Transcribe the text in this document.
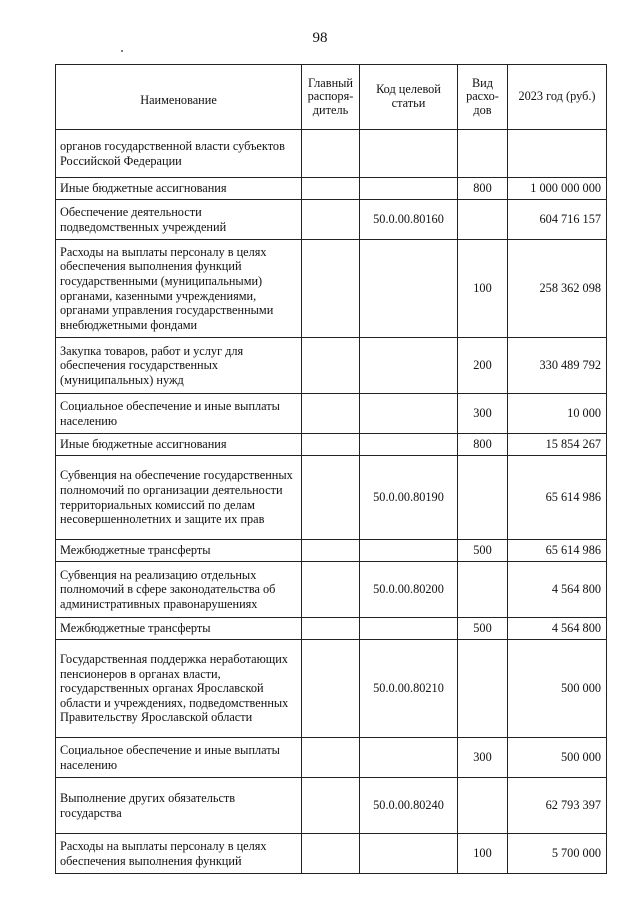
98
Наименование	Главный распоря-дитель	Код целевой статьи	Вид расхо-дов	2023 год (руб.)
органов государственной власти субъектов Российской Федерации				
Иные бюджетные ассигнования			800	1 000 000 000
Обеспечение деятельности подведомственных учреждений		50.0.00.80160		604 716 157
Расходы на выплаты персоналу в целях обеспечения выполнения функций государственными (муниципальными) органами, казенными учреждениями, органами управления государственными внебюджетными фондами			100	258 362 098
Закупка товаров, работ и услуг для обеспечения государственных (муниципальных) нужд			200	330 489 792
Социальное обеспечение и иные выплаты населению			300	10 000
Иные бюджетные ассигнования			800	15 854 267
Субвенция на обеспечение государственных полномочий по организации деятельности территориальных комиссий по делам несовершеннолетних и защите их прав		50.0.00.80190		65 614 986
Межбюджетные трансферты			500	65 614 986
Субвенция на реализацию отдельных полномочий в сфере законодательства об административных правонарушениях		50.0.00.80200		4 564 800
Межбюджетные трансферты			500	4 564 800
Государственная поддержка неработающих пенсионеров в органах власти, государственных органах Ярославской области и учреждениях, подведомственных Правительству Ярославской области		50.0.00.80210		500 000
Социальное обеспечение и иные выплаты населению			300	500 000
Выполнение других обязательств государства		50.0.00.80240		62 793 397
Расходы на выплаты персоналу в целях обеспечения выполнения функций			100	5 700 000
